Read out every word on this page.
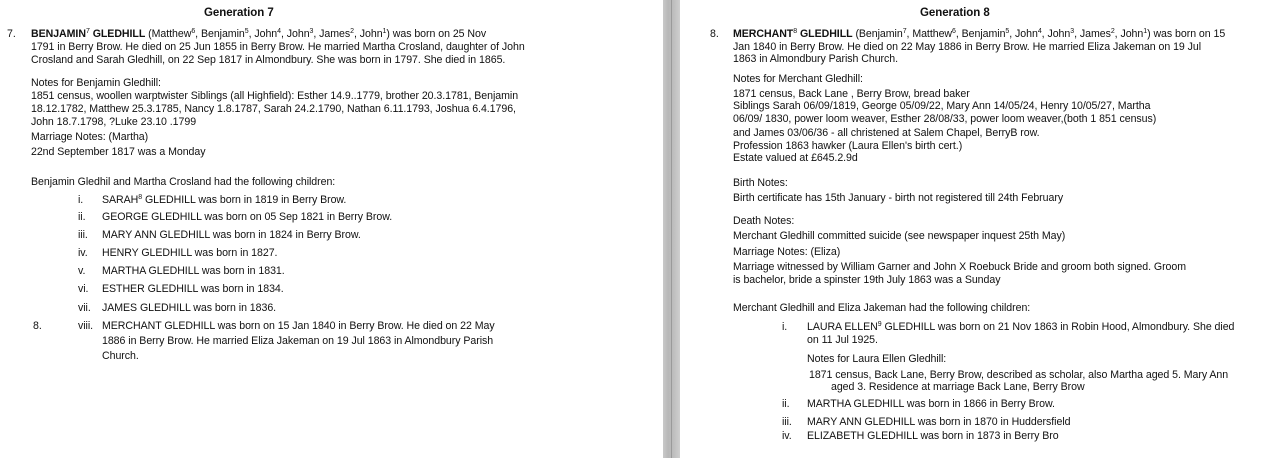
Generation 7
7. BENJAMIN$^7$ GLEDHILL (Matthew$^6$, Benjamin$^5$, John$^4$, John$^3$, James$^2$, John$^1$) was born on 25 Nov
1791 in Berry Brow. He died on 25 Jun 1855 in Berry Brow. He married Martha Crosland, daughter of John
Crosland and Sarah Gledhill, on 22 Sep 1817 in Almondbury. She was born in 1797. She died in 1865.
Notes for Benjamin Gledhill:
1851 census, woollen warptwister Siblings (all Highfield): Esther 14.9..1779, brother 20.3.1781, Benjamin
18.12.1782, Matthew 25.3.1785, Nancy 1.8.1787, Sarah 24.2.1790, Nathan 6.11.1793, Joshua 6.4.1796,
John 18.7.1798, ?Luke 23.10 .1799
Marriage Notes: (Martha)
22nd September 1817 was a Monday
Benjamin Gledhil and Martha Crosland had the following children:
i. SARAH$^8$ GLEDHILL was born in 1819 in Berry Brow.
ii. GEORGE GLEDHILL was born on 05 Sep 1821 in Berry Brow.
iii. MARY ANN GLEDHILL was born in 1824 in Berry Brow.
iv. HENRY GLEDHILL was born in 1827.
v. MARTHA GLEDHILL was born in 1831.
vi. ESTHER GLEDHILL was born in 1834.
vii. JAMES GLEDHILL was born in 1836.
8.	viii. MERCHANT GLEDHILL was born on 15 Jan 1840 in Berry Brow. He died on 22 May
1886 in Berry Brow. He married Eliza Jakeman on 19 Jul 1863 in Almondbury Parish
Church.
Generation 8
8. MERCHANT$^8$ GLEDHILL (Benjamin$^7$, Matthew$^6$, Benjamin$^5$, John$^4$, John$^3$, James$^2$, John$^1$) was born on 15
Jan 1840 in Berry Brow. He died on 22 May 1886 in Berry Brow. He married Eliza Jakeman on 19 Jul
1863 in Almondbury Parish Church.
Notes for Merchant Gledhill:
1871 census, Back Lane , Berry Brow, bread baker
Siblings Sarah 06/09/1819, George 05/09/22, Mary Ann 14/05/24, Henry 10/05/27, Martha
06/09/ 1830, power loom weaver, Esther 28/08/33, power loom weaver,(both 1 851 census)
and James 03/06/36 - all christened at Salem Chapel, BerryB row.
Profession 1863 hawker (Laura Ellen's birth cert.)
Estate valued at £645.2.9d
Birth Notes:
Birth certificate has 15th January - birth not registered till 24th February
Death Notes:
Merchant Gledhill committed suicide (see newspaper inquest 25th May)
Marriage Notes: (Eliza)
Marriage witnessed by William Garner and John X Roebuck Bride and groom both signed. Groom
is bachelor, bride a spinster 19th July 1863 was a Sunday
Merchant Gledhill and Eliza Jakeman had the following children:
i. LAURA ELLEN$^9$ GLEDHILL was born on 21 Nov 1863 in Robin Hood, Almondbury. She died
on 11 Jul 1925.
Notes for Laura Ellen Gledhill:
1871 census, Back Lane, Berry Brow, described as scholar, also Martha aged 5. Mary Ann
aged 3. Residence at marriage Back Lane, Berry Brow
ii. MARTHA GLEDHILL was born in 1866 in Berry Brow.
iii. MARY ANN GLEDHILL was born in 1870 in Huddersfield
iv. ELIZABETH GLEDHILL was born in 1873 in Berry Bro
